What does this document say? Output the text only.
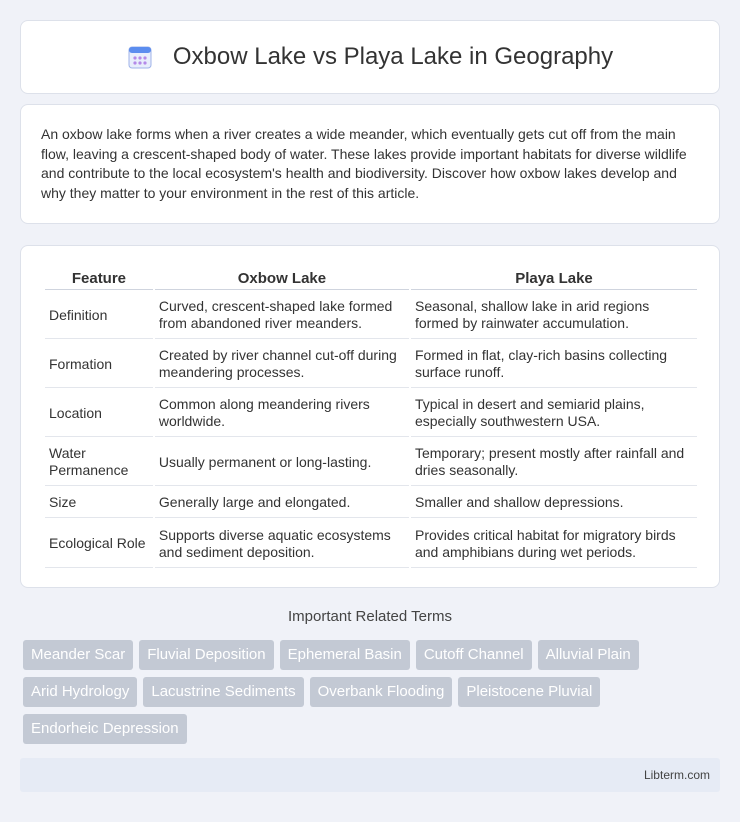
Oxbow Lake vs Playa Lake in Geography

An oxbow lake forms when a river creates a wide meander, which eventually gets cut off from the main flow, leaving a crescent-shaped body of water. These lakes provide important habitats for diverse wildlife and contribute to the local ecosystem's health and biodiversity. Discover how oxbow lakes develop and why they matter to your environment in the rest of this article.

Feature	Oxbow Lake	Playa Lake
Definition	Curved, crescent-shaped lake formed from abandoned river meanders.	Seasonal, shallow lake in arid regions formed by rainwater accumulation.
Formation	Created by river channel cut-off during meandering processes.	Formed in flat, clay-rich basins collecting surface runoff.
Location	Common along meandering rivers worldwide.	Typical in desert and semiarid plains, especially southwestern USA.
Water Permanence	Usually permanent or long-lasting.	Temporary; present mostly after rainfall and dries seasonally.
Size	Generally large and elongated.	Smaller and shallow depressions.
Ecological Role	Supports diverse aquatic ecosystems and sediment deposition.	Provides critical habitat for migratory birds and amphibians during wet periods.
Important Related Terms
Meander Scar	Fluvial Deposition	Ephemeral Basin	Cutoff Channel	Alluvial Plain
Arid Hydrology	Lacustrine Sediments	Overbank Flooding	Pleistocene Pluvial
Endorheic Depression
Libterm.com
